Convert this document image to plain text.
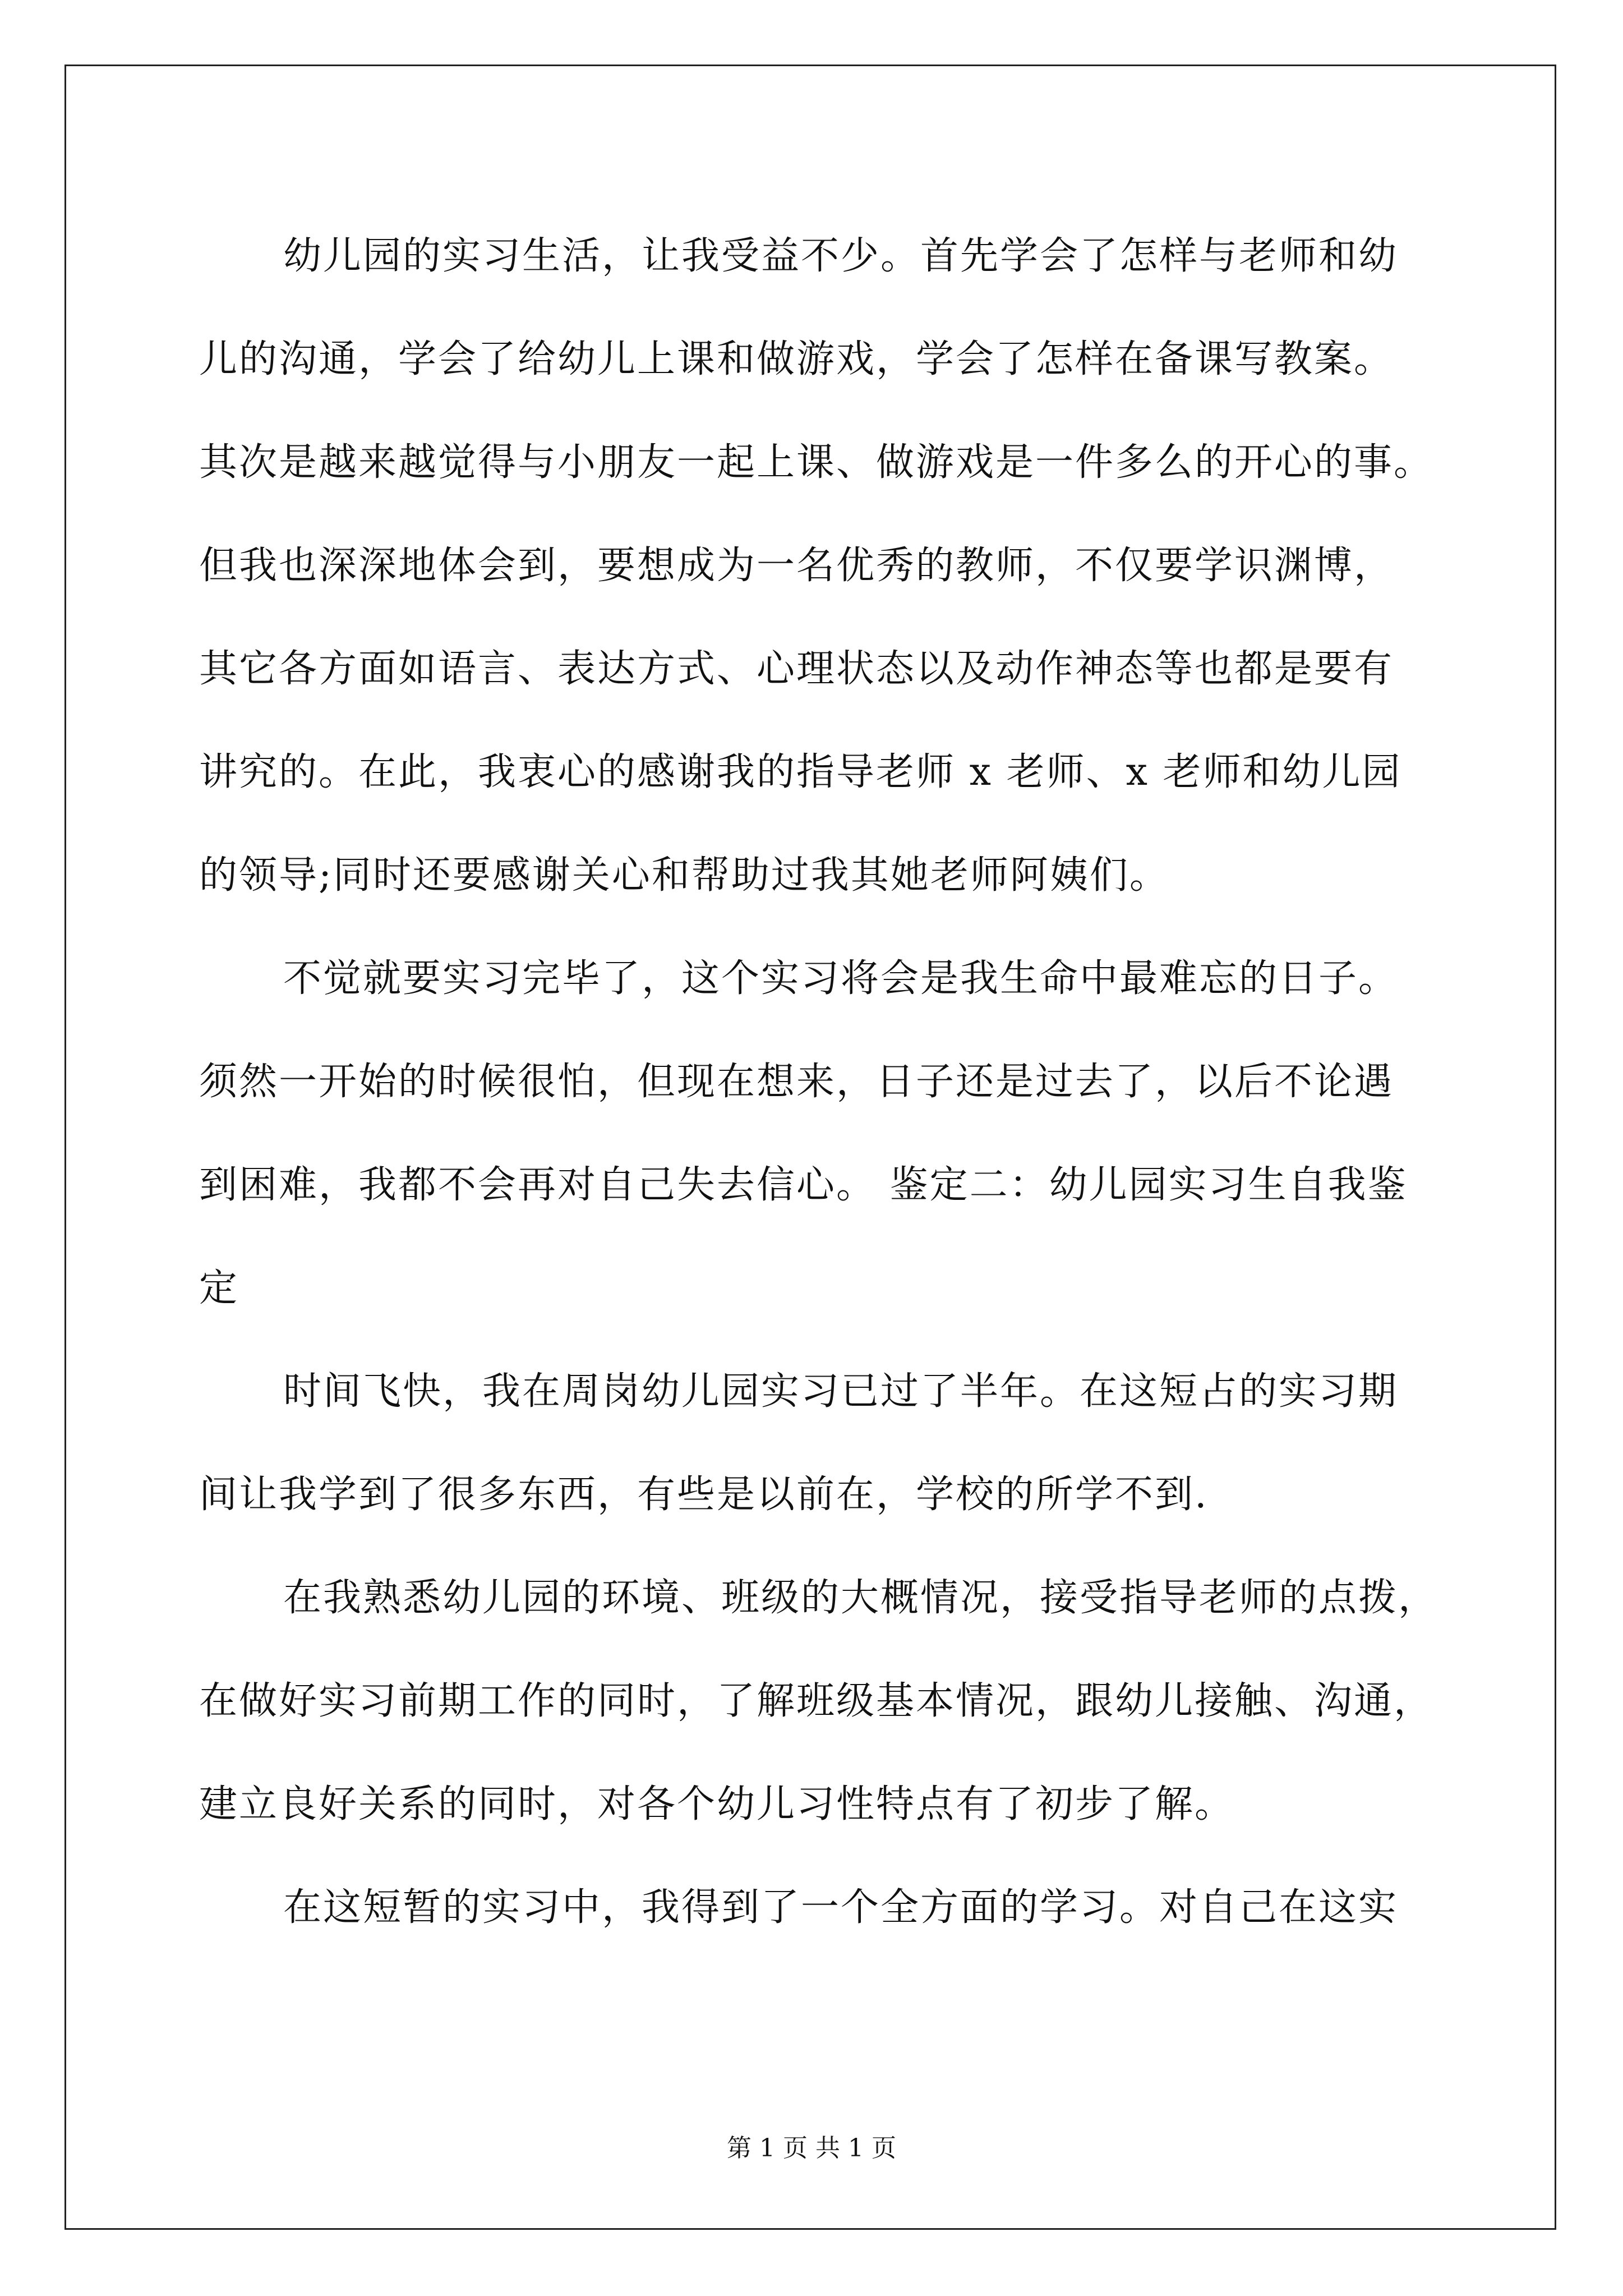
幼儿园的实习生活，让我受益不少。首先学会了怎样与老师和幼
儿的沟通，学会了给幼儿上课和做游戏，学会了怎样在备课写教案。
其次是越来越觉得与小朋友一起上课、做游戏是一件多么的开心的事。
但我也深深地体会到，要想成为一名优秀的教师，不仅要学识渊博，
其它各方面如语言、表达方式、心理状态以及动作神态等也都是要有
讲究的。在此，我衷心的感谢我的指导老师 x 老师、x 老师和幼儿园
的领导;同时还要感谢关心和帮助过我其她老师阿姨们。
不觉就要实习完毕了，这个实习将会是我生命中最难忘的日子。
须然一开始的时候很怕，但现在想来，日子还是过去了，以后不论遇
到困难，我都不会再对自己失去信心。 鉴定二：幼儿园实习生自我鉴
定
时间飞快，我在周岗幼儿园实习已过了半年。在这短占的实习期
间让我学到了很多东西，有些是以前在，学校的所学不到.
在我熟悉幼儿园的环境、班级的大概情况，接受指导老师的点拨，
在做好实习前期工作的同时，了解班级基本情况，跟幼儿接触、沟通，
建立良好关系的同时，对各个幼儿习性特点有了初步了解。
在这短暂的实习中，我得到了一个全方面的学习。对自己在这实
第 1 页 共 1 页
